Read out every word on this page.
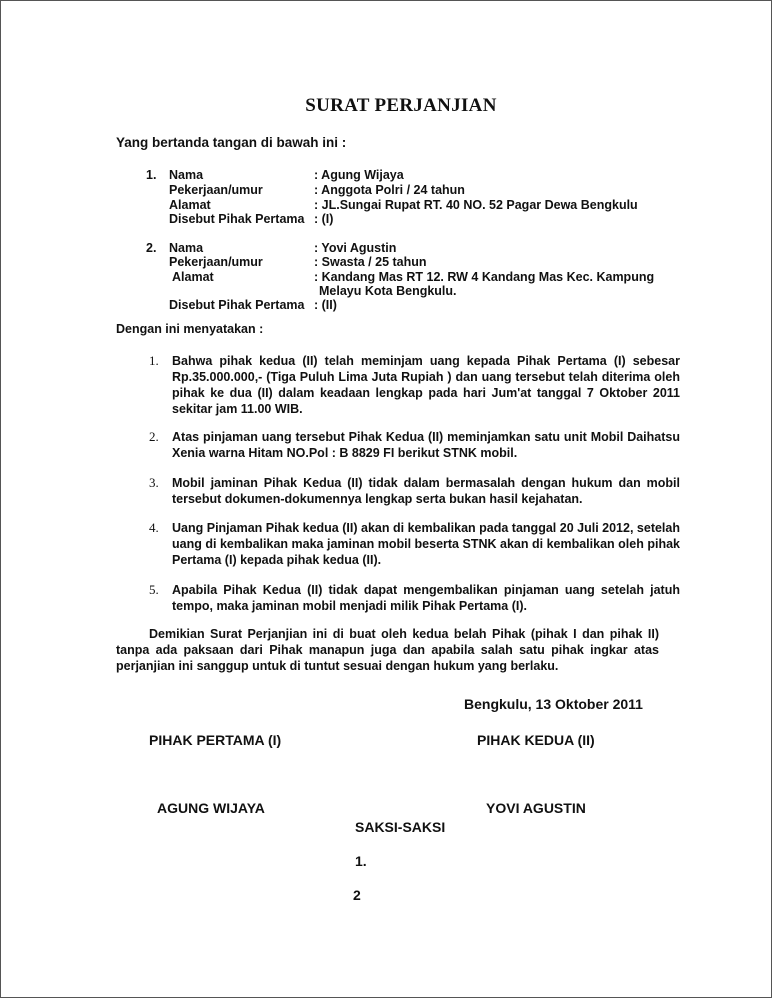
SURAT PERJANJIAN
Yang bertanda tangan di bawah ini :
1. Nama	: Agung Wijaya
Pekerjaan/umur	: Anggota Polri / 24 tahun
Alamat	: JL.Sungai Rupat RT. 40 NO. 52 Pagar Dewa Bengkulu
Disebut Pihak Pertama : (I)
2. Nama	: Yovi Agustin
Pekerjaan/umur	: Swasta / 25 tahun
Alamat	: Kandang Mas RT 12. RW 4 Kandang Mas Kec. Kampung
Melayu Kota Bengkulu.
Disebut Pihak Pertama : (II)
Dengan ini menyatakan :
1. Bahwa pihak kedua (II) telah meminjam uang kepada Pihak Pertama (I) sebesar Rp.35.000.000,- (Tiga Puluh Lima Juta Rupiah ) dan uang tersebut telah diterima oleh pihak ke dua (II) dalam keadaan lengkap pada hari Jum'at tanggal 7 Oktober 2011 sekitar jam 11.00 WIB.
2. Atas pinjaman uang tersebut Pihak Kedua (II) meminjamkan satu unit Mobil Daihatsu Xenia warna Hitam NO.Pol : B 8829 FI berikut STNK mobil.
3. Mobil jaminan Pihak Kedua (II) tidak dalam bermasalah dengan hukum dan mobil tersebut dokumen-dokumennya lengkap serta bukan hasil kejahatan.
4. Uang Pinjaman Pihak kedua (II) akan di kembalikan pada tanggal 20 Juli 2012, setelah uang di kembalikan maka jaminan mobil beserta STNK akan di kembalikan oleh pihak Pertama (I) kepada pihak kedua (II).
5. Apabila Pihak Kedua (II) tidak dapat mengembalikan pinjaman uang setelah jatuh tempo, maka jaminan mobil menjadi milik Pihak Pertama (I).
Demikian Surat Perjanjian ini di buat oleh kedua belah Pihak (pihak I dan pihak II) tanpa ada paksaan dari Pihak manapun juga dan apabila salah satu pihak ingkar atas perjanjian ini sanggup untuk di tuntut sesuai dengan hukum yang berlaku.
Bengkulu, 13 Oktober 2011
PIHAK PERTAMA (I)	PIHAK KEDUA (II)
AGUNG WIJAYA	YOVI AGUSTIN
SAKSI-SAKSI
1.
2
